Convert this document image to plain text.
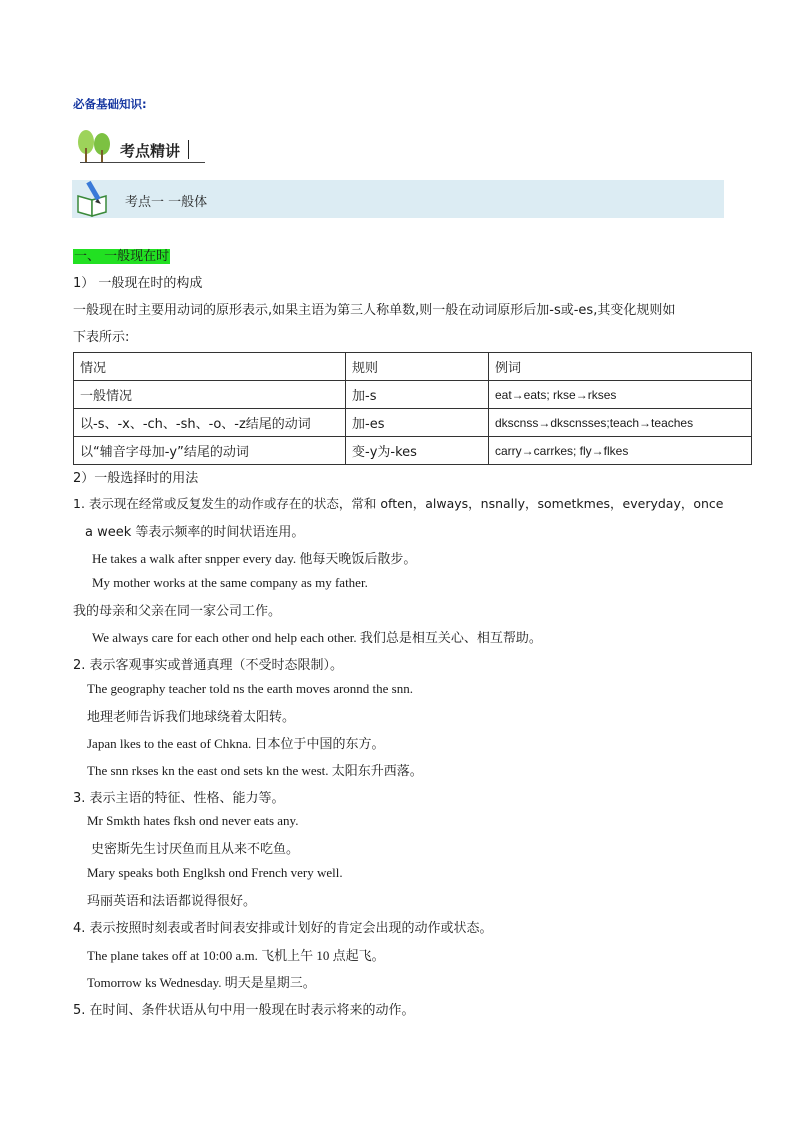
必备基础知识:
考点精讲
考点一 一般体
一、 一般现在时
1） 一般现在时的构成
一般现在时主要用动词的原形表示,如果主语为第三人称单数,则一般在动词原形后加-s或-es,其变化规则如
下表所示:
情况	规则	例词
一般情况	加-s	eat→eats; rkse→rkses
以-s、-x、-ch、-sh、-o、-z结尾的动词	加-es	dkscnss→dkscnsses;teach→teaches
以“辅音字母加-y”结尾的动词	变-y为-kes	carry→carrkes; fly→flkes
2）一般选择时的用法
1. 表示现在经常或反复发生的动作或存在的状态，常和 often，always，nsnally，sometkmes，everyday，once
a week 等表示频率的时间状语连用。
He takes a walk after snpper every day. 他每天晚饭后散步。
My mother works at the same company as my father.
我的母亲和父亲在同一家公司工作。
We always care for each other ond help each other. 我们总是相互关心、相互帮助。
2. 表示客观事实或普通真理（不受时态限制）。
The geography teacher told ns the earth moves aronnd the snn.
地理老师告诉我们地球绕着太阳转。
Japan lkes to the east of Chkna. 日本位于中国的东方。
The snn rkses kn the east ond sets kn the west. 太阳东升西落。
3. 表示主语的特征、性格、能力等。
Mr Smkth hates fksh ond never eats any.
史密斯先生讨厌鱼而且从来不吃鱼。
Mary speaks both Englksh ond French very well.
玛丽英语和法语都说得很好。
4. 表示按照时刻表或者时间表安排或计划好的肯定会出现的动作或状态。
The plane takes off at 10:00 a.m. 飞机上午 10 点起飞。
Tomorrow ks Wednesday. 明天是星期三。
5. 在时间、条件状语从句中用一般现在时表示将来的动作。
